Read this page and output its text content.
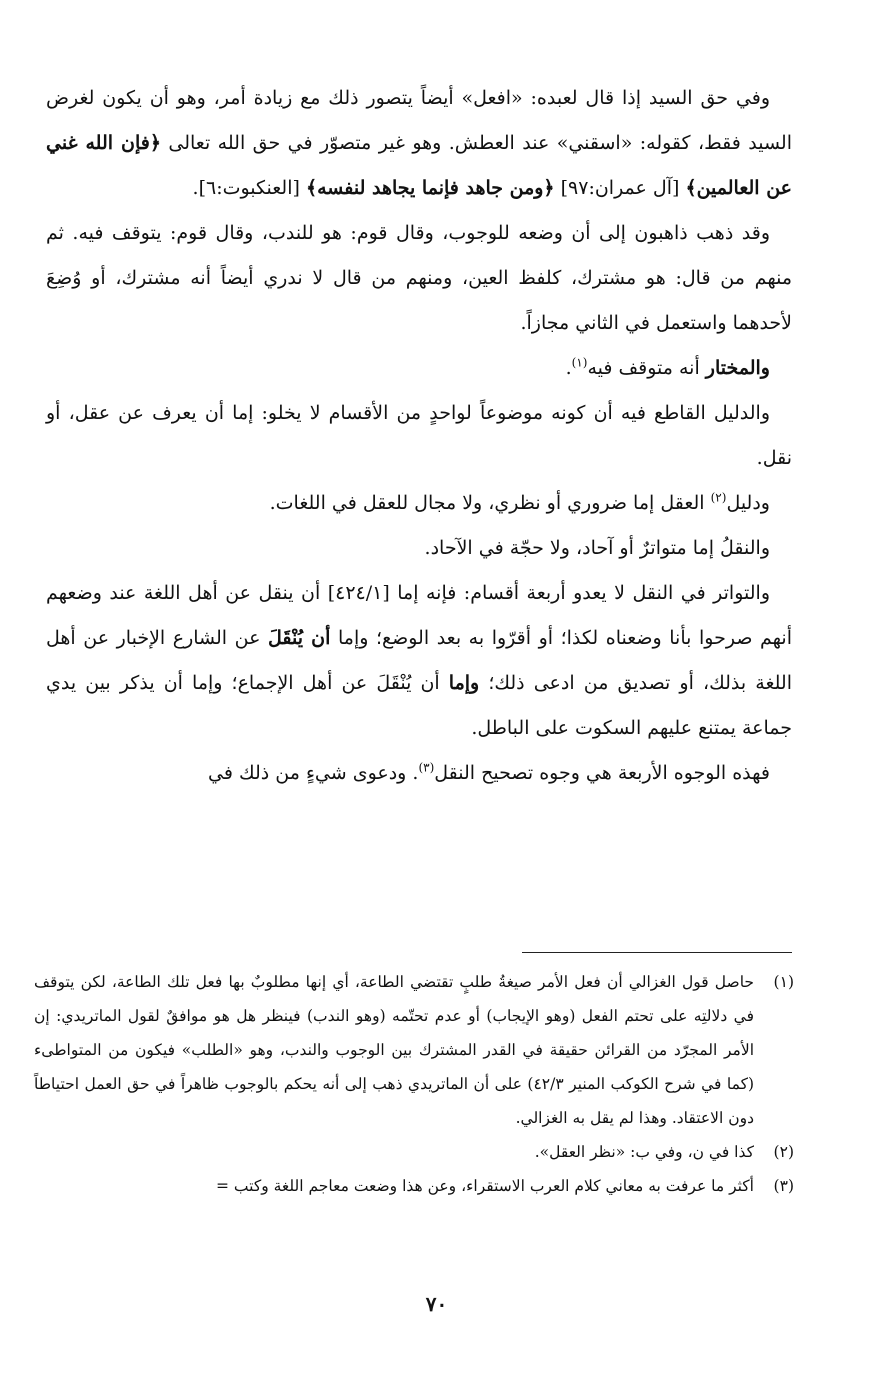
وفي حق السيد إذا قال لعبده: «افعل» أيضاً يتصور ذلك مع زيادة أمر، وهو أن يكون لغرض السيد فقط، كقوله: «اسقني» عند العطش. وهو غير متصوّر في حق الله تعالى ﴿فإن الله غني عن العالمين﴾ [آل عمران:٩٧] ﴿ومن جاهد فإنما يجاهد لنفسه﴾ [العنكبوت:٦].

وقد ذهب ذاهبون إلى أن وضعه للوجوب، وقال قوم: هو للندب، وقال قوم: يتوقف فيه. ثم منهم من قال: هو مشترك، كلفظ العين، ومنهم من قال لا ندري أيضاً أنه مشترك، أو وُضِعَ لأحدهما واستعمل في الثاني مجازاً.

والمختار أنه متوقف فيه$^{(١)}$.

والدليل القاطع فيه أن كونه موضوعاً لواحدٍ من الأقسام لا يخلو: إما أن يعرف عن عقل، أو نقل.

ودليل$^{(٢)}$ العقل إما ضروري أو نظري، ولا مجال للعقل في اللغات.

والنقلُ إما متواترٌ أو آحاد، ولا حجّة في الآحاد.

والتواتر في النقل لا يعدو أربعة أقسام: فإنه إما [٤٢٤/١] أن ينقل عن أهل اللغة عند وضعهم أنهم صرحوا بأنا وضعناه لكذا؛ أو أقرّوا به بعد الوضع؛ وإما أن يُنْقَلَ عن الشارع الإخبار عن أهل اللغة بذلك، أو تصديق من ادعى ذلك؛ وإما أن يُنْقَلَ عن أهل الإجماع؛ وإما أن يذكر بين يدي جماعة يمتنع عليهم السكوت على الباطل.

فهذه الوجوه الأربعة هي وجوه تصحيح النقل$^{(٣)}$. ودعوى شيءٍ من ذلك في

(١)
حاصل قول الغزالي أن فعل الأمر صيغةُ طلبٍ تقتضي الطاعة، أي إنها مطلوبٌ بها فعل تلك الطاعة، لكن يتوقف في دلالتِه على تحتم الفعل (وهو الإيجاب) أو عدم تحتّمه (وهو الندب) فينظر هل هو موافقٌ لقول الماتريدي: إن الأمر المجرّد من القرائن حقيقة في القدر المشترك بين الوجوب والندب، وهو «الطلب» فيكون من المتواطىء (كما في شرح الكوكب المنير ٤٢/٣) على أن الماتريدي ذهب إلى أنه يحكم بالوجوب ظاهراً في حق العمل احتياطاً دون الاعتقاد. وهذا لم يقل به الغزالي.
(٢)
كذا في ن، وفي ب: «نظر العقل».
(٣)
أكثر ما عرفت به معاني كلام العرب الاستقراء، وعن هذا وضعت معاجم اللغة وكتب =
٧٠
